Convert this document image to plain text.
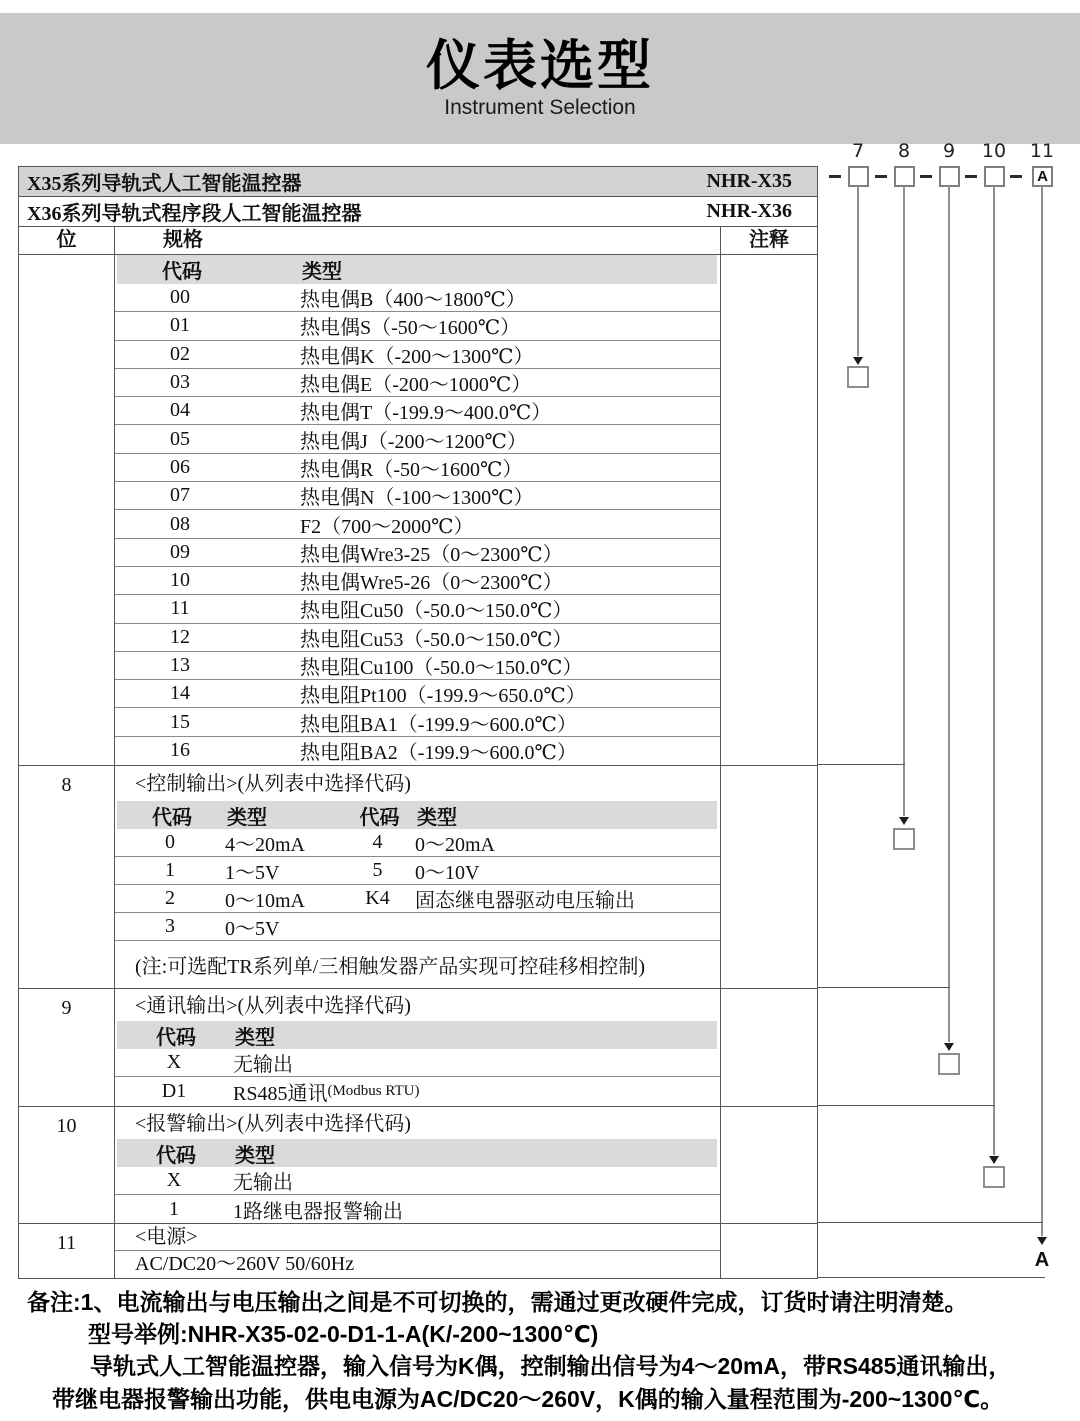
仪表选型
Instrument Selection
7	8	9	10 11
X35系列导轨式人工智能温控器	NHR-X35
X36系列导轨式程序段人工智能温控器	NHR-X36
位	规格	注释
代码	类型
00	热电偶B（400～1800℃）
01	热电偶S（-50～1600℃）
02	热电偶K（-200～1300℃）
03	热电偶E（-200～1000℃）
04	热电偶T（-199.9～400.0℃）
05	热电偶J（-200～1200℃）
06	热电偶R（-50～1600℃）
07	热电偶N（-100～1300℃）
08	F2（700～2000℃）
09	热电偶Wre3-25（0～2300℃）
10	热电偶Wre5-26（0～2300℃）
11	热电阻Cu50（-50.0～150.0℃）
12	热电阻Cu53（-50.0～150.0℃）
13	热电阻Cu100（-50.0～150.0℃）
14	热电阻Pt100（-199.9～650.0℃）
15	热电阻BA1（-199.9～600.0℃）
16	热电阻BA2（-199.9～600.0℃）
8	<控制输出>(从列表中选择代码)
代码	类型	代码 类型
0	4～20mA	4	0～20mA
1	1～5V	5	0～10V
2	0～10mA	K4	固态继电器驱动电压输出
3	0～5V
(注:可选配TR系列单/三相触发器产品实现可控硅移相控制)
9	<通讯输出>(从列表中选择代码)
代码	类型
X	无输出
D1	RS485通讯 (Modbus RTU)
10	<报警输出>(从列表中选择代码)
代码	类型
X	无输出
1	1路继电器报警输出
11	<电源>
AC/DC20～260V 50/60Hz
A
A
备注:1、电流输出与电压输出之间是不可切换的，需通过更改硬件完成，订货时请注明清楚。
型号举例:NHR-X35-02-0-D1-1-A(K/-200~1300℃)
导轨式人工智能温控器，输入信号为K偶，控制输出信号为4～20mA，带RS485通讯输出，
带继电器报警输出功能，供电电源为AC/DC20～260V，K偶的输入量程范围为-200~1300℃。
